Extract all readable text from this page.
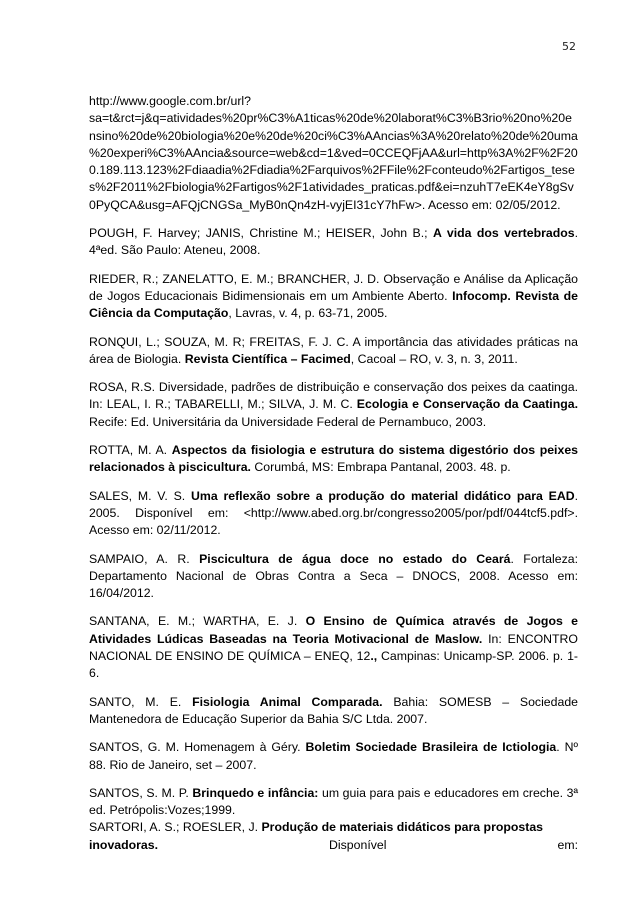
52
http://www.google.com.br/url?sa=t&rct=j&q=atividades%20pr%C3%A1ticas%20de%20laborat%C3%B3rio%20no%20ensino%20de%20biologia%20e%20de%20ci%C3%AAncias%3A%20relato%20de%20uma%20experi%C3%AAncia&source=web&cd=1&ved=0CCEQFjAA&url=http%3A%2F%2F200.189.113.123%2Fdiaadia%2Fdiadia%2Farquivos%2FFile%2Fconteudo%2Fartigos_teses%2F2011%2Fbiologia%2Fartigos%2F1atividades_praticas.pdf&ei=nzuhT7eEK4eY8gSv0PyQCA&usg=AFQjCNGSa_MyB0nQn4zH-vyjEI31cY7hFw>. Acesso em: 02/05/2012.
POUGH, F. Harvey; JANIS, Christine M.; HEISER, John B.; A vida dos vertebrados. 4ªed. São Paulo: Ateneu, 2008.
RIEDER, R.; ZANELATTO, E. M.; BRANCHER, J. D. Observação e Análise da Aplicação de Jogos Educacionais Bidimensionais em um Ambiente Aberto. Infocomp. Revista de Ciência da Computação, Lavras, v. 4, p. 63-71, 2005.
RONQUI, L.; SOUZA, M. R; FREITAS, F. J. C. A importância das atividades práticas na área de Biologia. Revista Científica – Facimed, Cacoal – RO, v. 3, n. 3, 2011.
ROSA, R.S. Diversidade, padrões de distribuição e conservação dos peixes da caatinga. In: LEAL, I. R.; TABARELLI, M.; SILVA, J. M. C. Ecologia e Conservação da Caatinga. Recife: Ed. Universitária da Universidade Federal de Pernambuco, 2003.
ROTTA, M. A. Aspectos da fisiologia e estrutura do sistema digestório dos peixes relacionados à piscicultura. Corumbá, MS: Embrapa Pantanal, 2003. 48. p.
SALES, M. V. S. Uma reflexão sobre a produção do material didático para EAD. 2005. Disponível em: <http://www.abed.org.br/congresso2005/por/pdf/044tcf5.pdf>. Acesso em: 02/11/2012.
SAMPAIO, A. R. Piscicultura de água doce no estado do Ceará. Fortaleza: Departamento Nacional de Obras Contra a Seca – DNOCS, 2008. Acesso em: 16/04/2012.
SANTANA, E. M.; WARTHA, E. J. O Ensino de Química através de Jogos e Atividades Lúdicas Baseadas na Teoria Motivacional de Maslow. In: ENCONTRO NACIONAL DE ENSINO DE QUÍMICA – ENEQ, 12., Campinas: Unicamp-SP. 2006. p. 1-6.
SANTO, M. E. Fisiologia Animal Comparada. Bahia: SOMESB – Sociedade Mantenedora de Educação Superior da Bahia S/C Ltda. 2007.
SANTOS, G. M. Homenagem à Géry. Boletim Sociedade Brasileira de Ictiologia. Nº 88. Rio de Janeiro, set – 2007.
SANTOS, S. M. P. Brinquedo e infância: um guia para pais e educadores em creche. 3ª ed. Petrópolis:Vozes;1999.
SARTORI, A. S.; ROESLER, J. Produção de materiais didáticos para propostas
inovadoras.	Disponível	em:
